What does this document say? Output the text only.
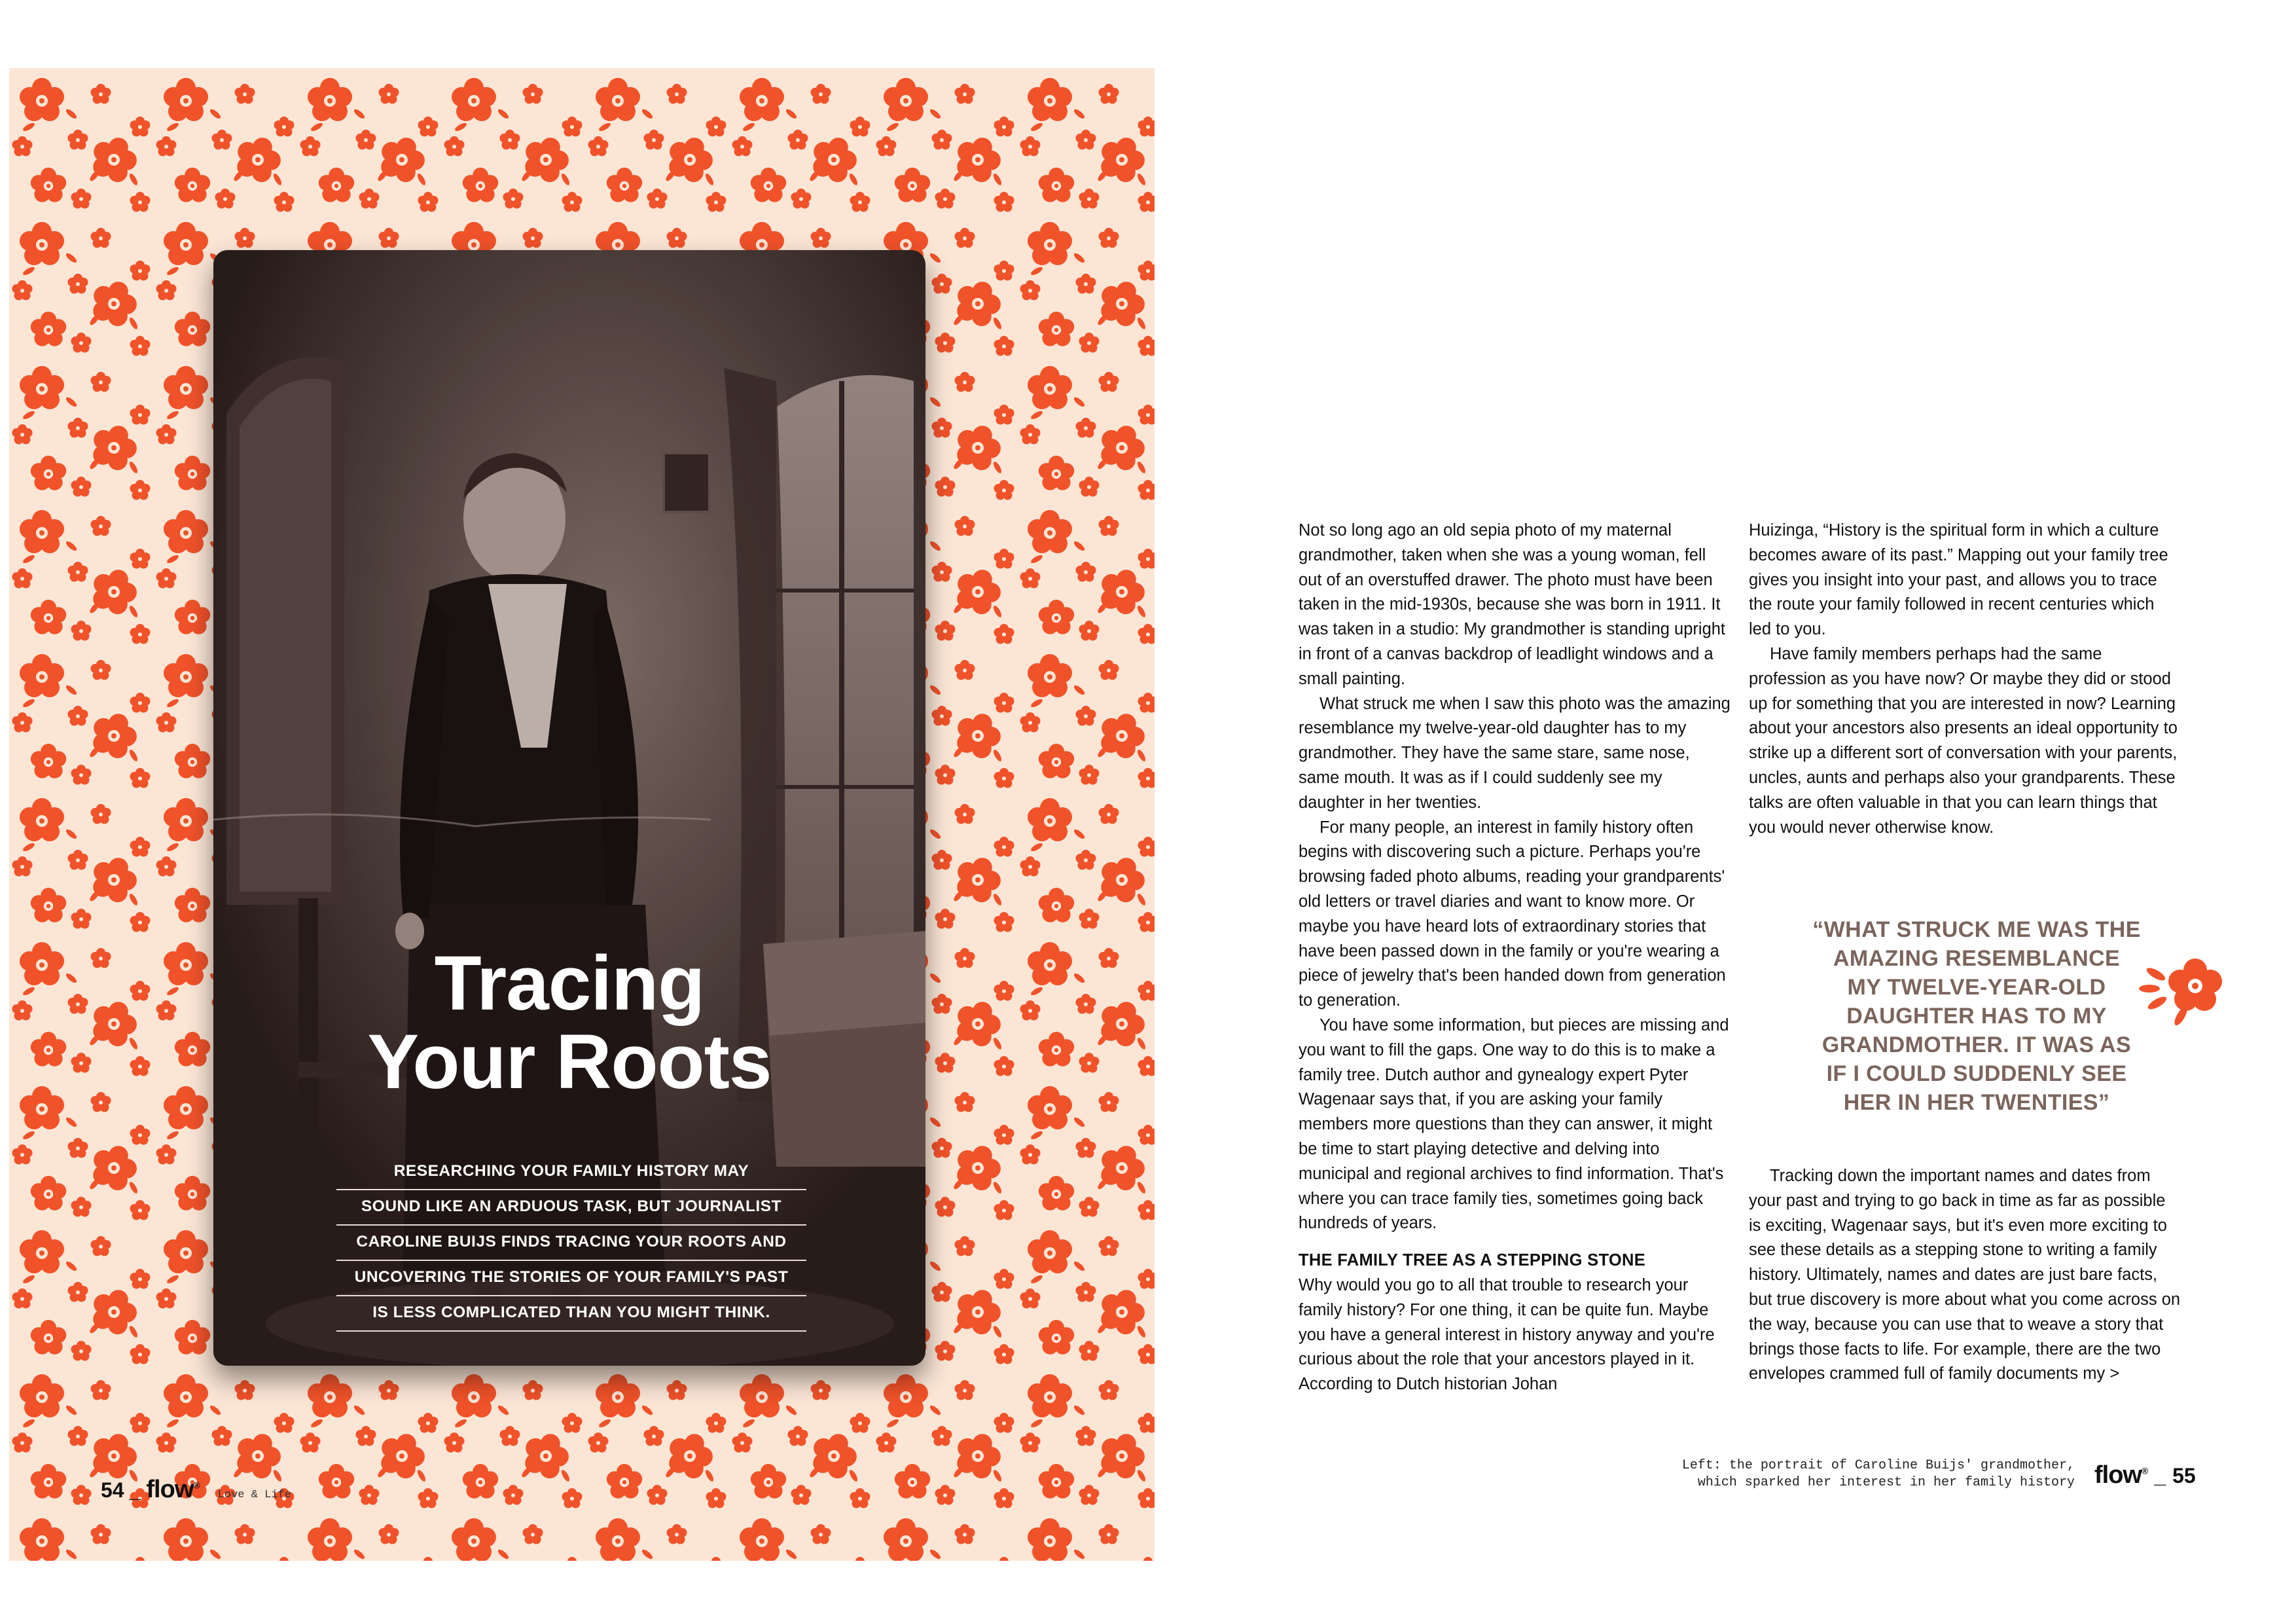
Tracing
Your Roots
RESEARCHING YOUR FAMILY HISTORY MAY
SOUND LIKE AN ARDUOUS TASK, BUT JOURNALIST
CAROLINE BUIJS FINDS TRACING YOUR ROOTS AND
UNCOVERING THE STORIES OF YOUR FAMILY'S PAST
IS LESS COMPLICATED THAN YOU MIGHT THINK.
54 _ flow®
Love & Life

Not so long ago an old sepia photo of my maternal grandmother, taken when she was a young woman, fell out of an overstuffed drawer. The photo must have been taken in the mid-1930s, because she was born in 1911. It was taken in a studio: My grandmother is standing upright in front of a canvas backdrop of leadlight windows and a small painting.

What struck me when I saw this photo was the amazing resemblance my twelve-year-old daughter has to my grandmother. They have the same stare, same nose, same mouth. It was as if I could suddenly see my daughter in her twenties.

For many people, an interest in family history often begins with discovering such a picture. Perhaps you're browsing faded photo albums, reading your grandparents' old letters or travel diaries and want to know more. Or maybe you have heard lots of extraordinary stories that have been passed down in the family or you're wearing a piece of jewelry that's been handed down from generation to generation.

You have some information, but pieces are missing and you want to fill the gaps. One way to do this is to make a family tree. Dutch author and gynealogy expert Pyter Wagenaar says that, if you are asking your family members more questions than they can answer, it might be time to start playing detective and delving into municipal and regional archives to find information. That's where you can trace family ties, sometimes going back hundreds of years.

THE FAMILY TREE AS A STEPPING STONE

Why would you go to all that trouble to research your family history? For one thing, it can be quite fun. Maybe you have a general interest in history anyway and you're curious about the role that your ancestors played in it. According to Dutch historian Johan

Huizinga, “History is the spiritual form in which a culture becomes aware of its past.” Mapping out your family tree gives you insight into your past, and allows you to trace the route your family followed in recent centuries which led to you.

Have family members perhaps had the same profession as you have now? Or maybe they did or stood up for something that you are interested in now? Learning about your ancestors also presents an ideal opportunity to strike up a different sort of conversation with your parents, uncles, aunts and perhaps also your grandparents. These talks are often valuable in that you can learn things that you would never otherwise know.

“WHAT STRUCK ME WAS THE
AMAZING RESEMBLANCE
MY TWELVE-YEAR-OLD
DAUGHTER HAS TO MY
GRANDMOTHER. IT WAS AS
IF I COULD SUDDENLY SEE
HER IN HER TWENTIES”

Tracking down the important names and dates from your past and trying to go back in time as far as possible is exciting, Wagenaar says, but it's even more exciting to see these details as a stepping stone to writing a family history. Ultimately, names and dates are just bare facts, but true discovery is more about what you come across on the way, because you can use that to weave a story that brings those facts to life. For example, there are the two envelopes crammed full of family documents my >

Left: the portrait of Caroline Buijs' grandmother,
which sparked her interest in her family history flow® _ 55
